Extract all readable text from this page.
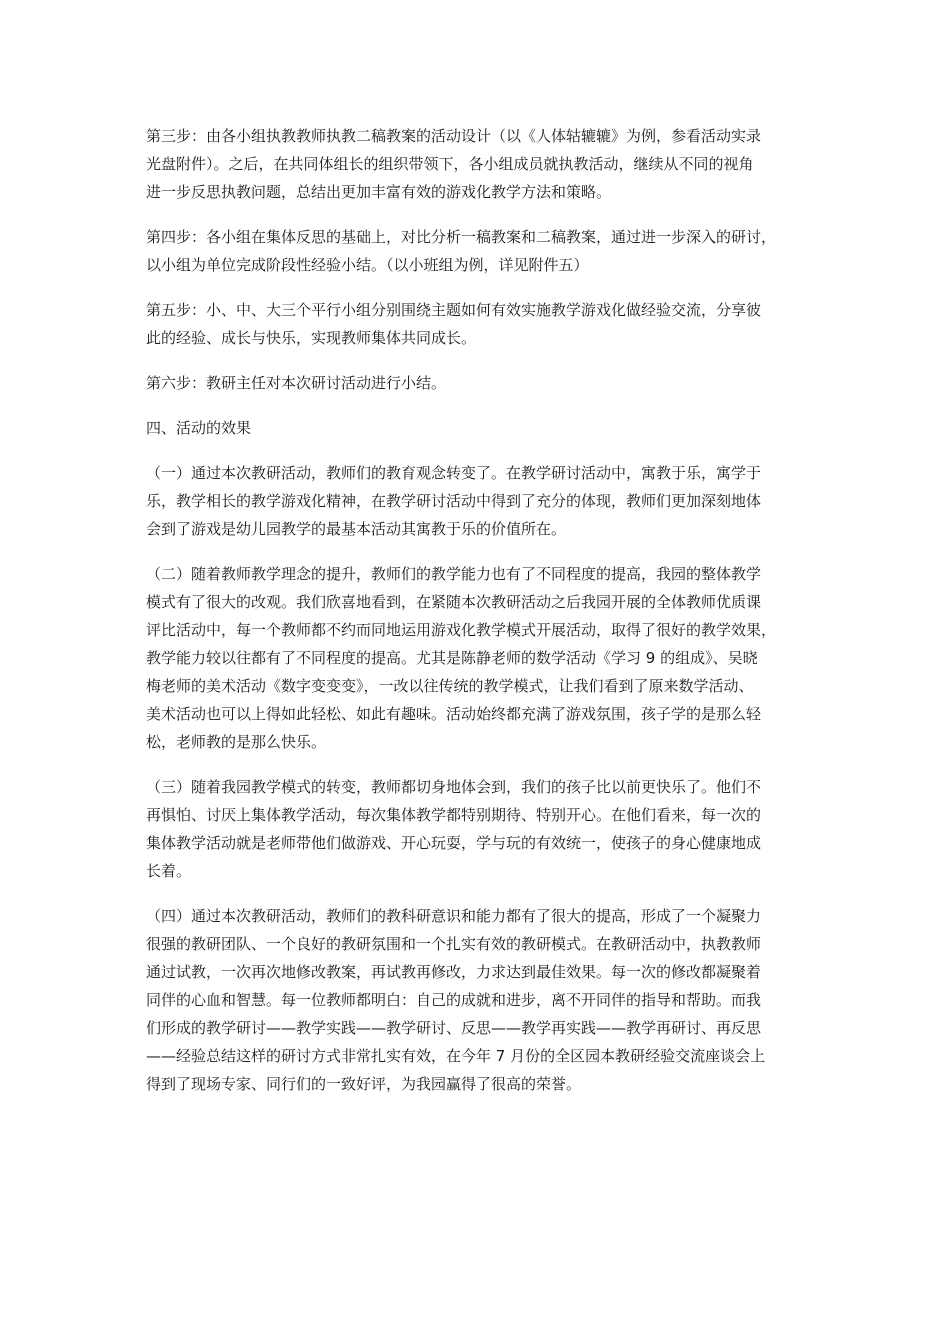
第三步：由各小组执教教师执教二稿教案的活动设计（以《人体轱辘辘》为例，参看活动实录
光盘附件）。之后，在共同体组长的组织带领下，各小组成员就执教活动，继续从不同的视角
进一步反思执教问题，总结出更加丰富有效的游戏化教学方法和策略。

第四步：各小组在集体反思的基础上，对比分析一稿教案和二稿教案，通过进一步深入的研讨，
以小组为单位完成阶段性经验小结。（以小班组为例，详见附件五）

第五步：小、中、大三个平行小组分别围绕主题如何有效实施教学游戏化做经验交流，分享彼
此的经验、成长与快乐，实现教师集体共同成长。

第六步：教研主任对本次研讨活动进行小结。

四、活动的效果

（一）通过本次教研活动，教师们的教育观念转变了。在教学研讨活动中，寓教于乐，寓学于
乐，教学相长的教学游戏化精神，在教学研讨活动中得到了充分的体现，教师们更加深刻地体
会到了游戏是幼儿园教学的最基本活动其寓教于乐的价值所在。

（二）随着教师教学理念的提升，教师们的教学能力也有了不同程度的提高，我园的整体教学
模式有了很大的改观。我们欣喜地看到，在紧随本次教研活动之后我园开展的全体教师优质课
评比活动中，每一个教师都不约而同地运用游戏化教学模式开展活动，取得了很好的教学效果，
教学能力较以往都有了不同程度的提高。尤其是陈静老师的数学活动《学习 9 的组成》、吴晓
梅老师的美术活动《数字变变变》，一改以往传统的教学模式，让我们看到了原来数学活动、
美术活动也可以上得如此轻松、如此有趣味。活动始终都充满了游戏氛围，孩子学的是那么轻
松，老师教的是那么快乐。

（三）随着我园教学模式的转变，教师都切身地体会到，我们的孩子比以前更快乐了。他们不
再惧怕、讨厌上集体教学活动，每次集体教学都特别期待、特别开心。在他们看来，每一次的
集体教学活动就是老师带他们做游戏、开心玩耍，学与玩的有效统一，使孩子的身心健康地成
长着。

（四）通过本次教研活动，教师们的教科研意识和能力都有了很大的提高，形成了一个凝聚力
很强的教研团队、一个良好的教研氛围和一个扎实有效的教研模式。在教研活动中，执教教师
通过试教，一次再次地修改教案，再试教再修改，力求达到最佳效果。每一次的修改都凝聚着
同伴的心血和智慧。每一位教师都明白：自己的成就和进步，离不开同伴的指导和帮助。而我
们形成的教学研讨——教学实践——教学研讨、反思——教学再实践——教学再研讨、再反思
——经验总结这样的研讨方式非常扎实有效，在今年 7 月份的全区园本教研经验交流座谈会上
得到了现场专家、同行们的一致好评，为我园赢得了很高的荣誉。
